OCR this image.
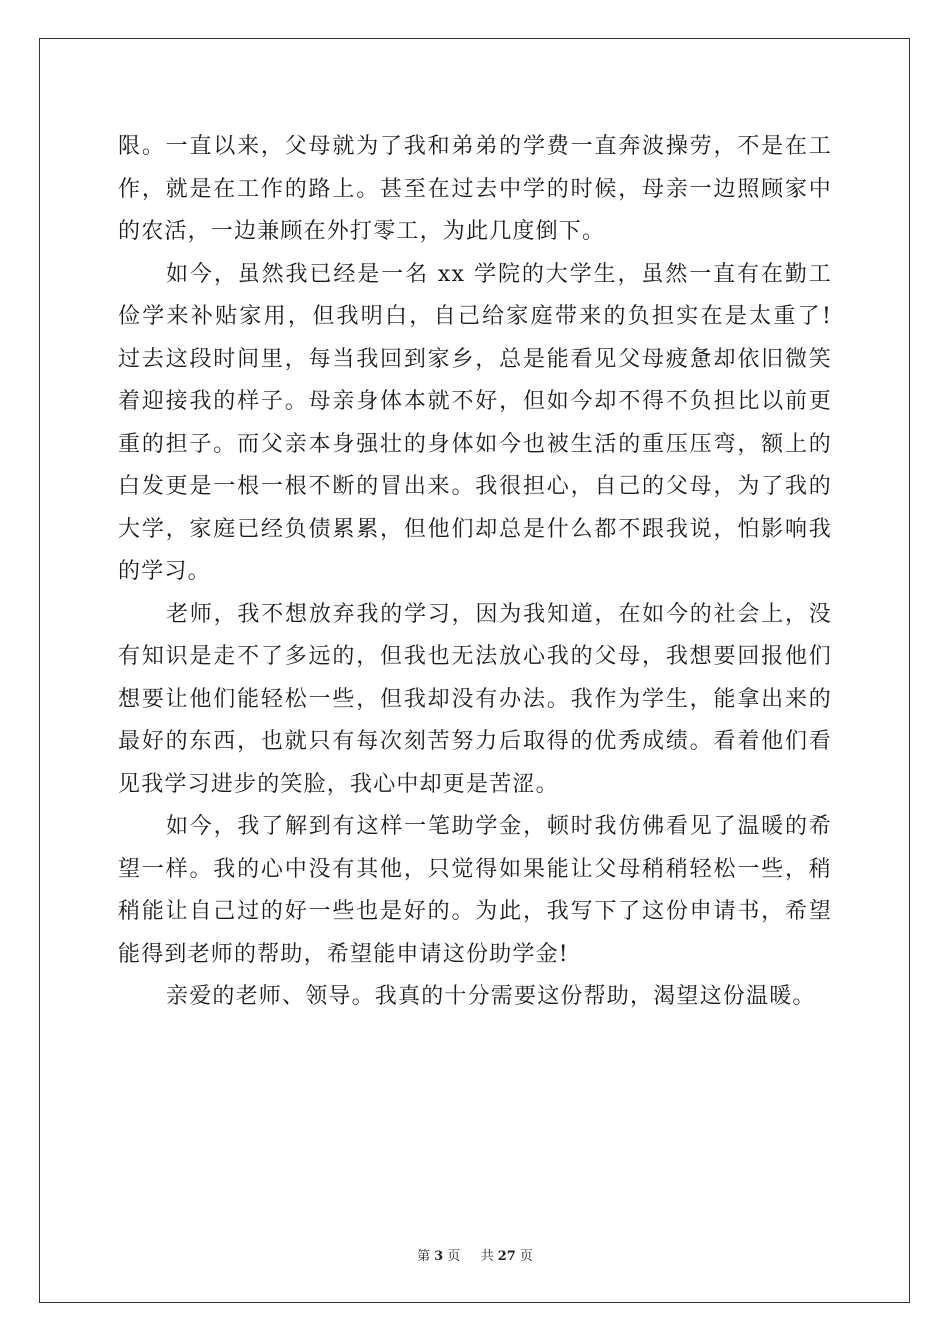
限。一直以来，父母就为了我和弟弟的学费一直奔波操劳，不是在工
作，就是在工作的路上。甚至在过去中学的时候，母亲一边照顾家中
的农活，一边兼顾在外打零工，为此几度倒下。
如今，虽然我已经是一名 xx 学院的大学生，虽然一直有在勤工
俭学来补贴家用，但我明白，自己给家庭带来的负担实在是太重了!
过去这段时间里，每当我回到家乡，总是能看见父母疲惫却依旧微笑
着迎接我的样子。母亲身体本就不好，但如今却不得不负担比以前更
重的担子。而父亲本身强壮的身体如今也被生活的重压压弯，额上的
白发更是一根一根不断的冒出来。我很担心，自己的父母，为了我的
大学，家庭已经负债累累，但他们却总是什么都不跟我说，怕影响我
的学习。
老师，我不想放弃我的学习，因为我知道，在如今的社会上，没
有知识是走不了多远的，但我也无法放心我的父母，我想要回报他们
想要让他们能轻松一些，但我却没有办法。我作为学生，能拿出来的
最好的东西，也就只有每次刻苦努力后取得的优秀成绩。看着他们看
见我学习进步的笑脸，我心中却更是苦涩。
如今，我了解到有这样一笔助学金，顿时我仿佛看见了温暖的希
望一样。我的心中没有其他，只觉得如果能让父母稍稍轻松一些，稍
稍能让自己过的好一些也是好的。为此，我写下了这份申请书，希望
能得到老师的帮助，希望能申请这份助学金!
亲爱的老师、领导。我真的十分需要这份帮助，渴望这份温暖。
第 3 页 共 27 页
